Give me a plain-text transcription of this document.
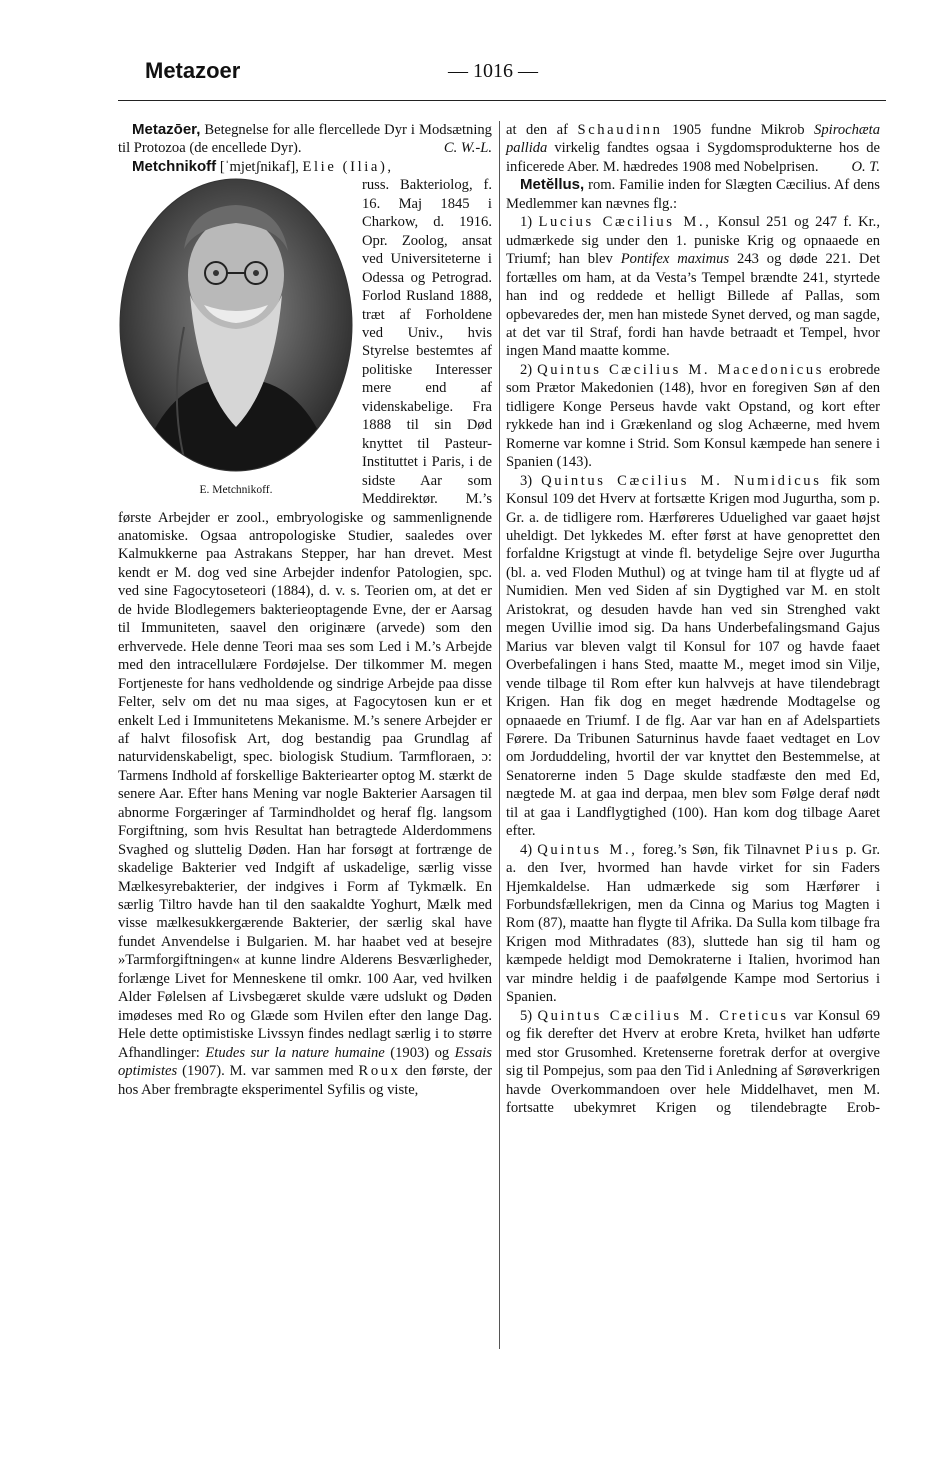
Metazoer	— 1016 —

Metazōer, Betegnelse for alle flercellede Dyr i Modsætning til Protozoa (de encellede Dyr).	C. W.-L.

Metchnikoff [ˈmjetʃnikaf], Elie (Ilia),

E. Metchnikoff.

russ. Bakteriolog, f. 16. Maj 1845 i Charkow, d. 1916. Opr. Zoolog, ansat ved Universiteterne i Odessa og Petrograd. Forlod Rusland 1888, træt af Forholdene ved Univ., hvis Styrelse bestemtes af politiske Interesser mere end af videnskabelige. Fra 1888 til sin Død knyttet til Pasteur-Instituttet i Paris, i de sidste Aar som Meddirektør. M.’s første Arbejder er zool., embryologiske og sammenlignende anatomiske. Ogsaa antropologiske Studier, saaledes over Kalmukkerne paa Astrakans Stepper, har han drevet. Mest kendt er M. dog ved sine Arbejder indenfor Patologien, spc. ved sine Fagocytoseteori (1884), d. v. s. Teorien om, at det er de hvide Blodlegemers bakterieoptagende Evne, der er Aarsag til Immuniteten, saavel den originære (arvede) som den erhvervede. Hele denne Teori maa ses som Led i M.’s Arbejde med den intracellulære Fordøjelse. Der tilkommer M. megen Fortjeneste for hans vedholdende og sindrige Arbejde paa disse Felter, selv om det nu maa siges, at Fagocytosen kun er et enkelt Led i Immunitetens Mekanisme. M.’s senere Arbejder er af halvt filosofisk Art, dog bestandig paa Grundlag af naturvidenskabeligt, spec. biologisk Studium. Tarmfloraen, ɔ: Tarmens Indhold af forskellige Bakteriearter optog M. stærkt de senere Aar. Efter hans Mening var nogle Bakterier Aarsagen til abnorme Forgæringer af Tarmindholdet og heraf flg. langsom Forgiftning, som hvis Resultat han betragtede Alderdommens Svaghed og sluttelig Døden. Han har forsøgt at fortrænge de skadelige Bakterier ved Indgift af uskadelige, særlig visse Mælkesyrebakterier, der indgives i Form af Tykmælk. En særlig Tiltro havde han til den saakaldte Yoghurt, Mælk med visse mælkesukkergærende Bakterier, der særlig skal have fundet Anvendelse i Bulgarien. M. har haabet ved at besejre »Tarmforgiftningen« at kunne lindre Alderens Besværligheder, forlænge Livet for Menneskene til omkr. 100 Aar, ved hvilken Alder Følelsen af Livsbegæret skulde være udslukt og Døden imødeses med Ro og Glæde som Hvilen efter den lange Dag. Hele dette optimistiske Livssyn findes nedlagt særlig i to større Afhandlinger: Etudes sur la nature humaine (1903) og Essais optimistes (1907). M. var sammen med Roux den første, der hos Aber frembragte eksperimentel Syfilis og viste,

at den af Schaudinn 1905 fundne Mikrob Spirochæta pallida virkelig fandtes ogsaa i Sygdomsprodukterne hos de inficerede Aber. M. hædredes 1908 med Nobelprisen. O. T.

Metĕllus, rom. Familie inden for Slægten Cæcilius. Af dens Medlemmer kan nævnes flg.:

1) Lucius Cæcilius M., Konsul 251 og 247 f. Kr., udmærkede sig under den 1. puniske Krig og opnaaede en Triumf; han blev Pontifex maximus 243 og døde 221. Det fortælles om ham, at da Vesta’s Tempel brændte 241, styrtede han ind og reddede et helligt Billede af Pallas, som opbevaredes der, men han mistede Synet derved, og man sagde, at det var til Straf, fordi han havde betraadt et Tempel, hvor ingen Mand maatte komme.

2) Quintus Cæcilius M. Macedonicus erobrede som Prætor Makedonien (148), hvor en foregiven Søn af den tidligere Konge Perseus havde vakt Opstand, og kort efter rykkede han ind i Grækenland og slog Achæerne, med hvem Romerne var komne i Strid. Som Konsul kæmpede han senere i Spanien (143).

3) Quintus Cæcilius M. Numidicus fik som Konsul 109 det Hverv at fortsætte Krigen mod Jugurtha, som p. Gr. a. de tidligere rom. Hærføreres Uduelighed var gaaet højst uheldigt. Det lykkedes M. efter først at have genoprettet den forfaldne Krigstugt at vinde fl. betydelige Sejre over Jugurtha (bl. a. ved Floden Muthul) og at tvinge ham til at flygte ud af Numidien. Men ved Siden af sin Dygtighed var M. en stolt Aristokrat, og desuden havde han ved sin Strenghed vakt megen Uvillie imod sig. Da hans Underbefalingsmand Gajus Marius var bleven valgt til Konsul for 107 og havde faaet Overbefalingen i hans Sted, maatte M., meget imod sin Vilje, vende tilbage til Rom efter kun halvvejs at have tilendebragt Krigen. Han fik dog en meget hædrende Modtagelse og opnaaede en Triumf. I de flg. Aar var han en af Adelspartiets Førere. Da Tribunen Saturninus havde faaet vedtaget en Lov om Jorduddeling, hvortil der var knyttet den Bestemmelse, at Senatorerne inden 5 Dage skulde stadfæste den med Ed, nægtede M. at gaa ind derpaa, men blev som Følge deraf nødt til at gaa i Landflygtighed (100). Han kom dog tilbage Aaret efter.

4) Quintus M., foreg.’s Søn, fik Tilnavnet Pius p. Gr. a. den Iver, hvormed han havde virket for sin Faders Hjemkaldelse. Han udmærkede sig som Hærfører i Forbundsfællekrigen, men da Cinna og Marius tog Magten i Rom (87), maatte han flygte til Afrika. Da Sulla kom tilbage fra Krigen mod Mithradates (83), sluttede han sig til ham og kæmpede heldigt mod Demokraterne i Italien, hvorimod han var mindre heldig i de paafølgende Kampe mod Sertorius i Spanien.

5) Quintus Cæcilius M. Creticus var Konsul 69 og fik derefter det Hverv at erobre Kreta, hvilket han udførte med stor Grusomhed. Kretenserne foretrak derfor at overgive sig til Pompejus, som paa den Tid i Anledning af Sørøverkrigen havde Overkommandoen over hele Middelhavet, men M. fortsatte ubekymret Krigen og tilendebragte Erob-
